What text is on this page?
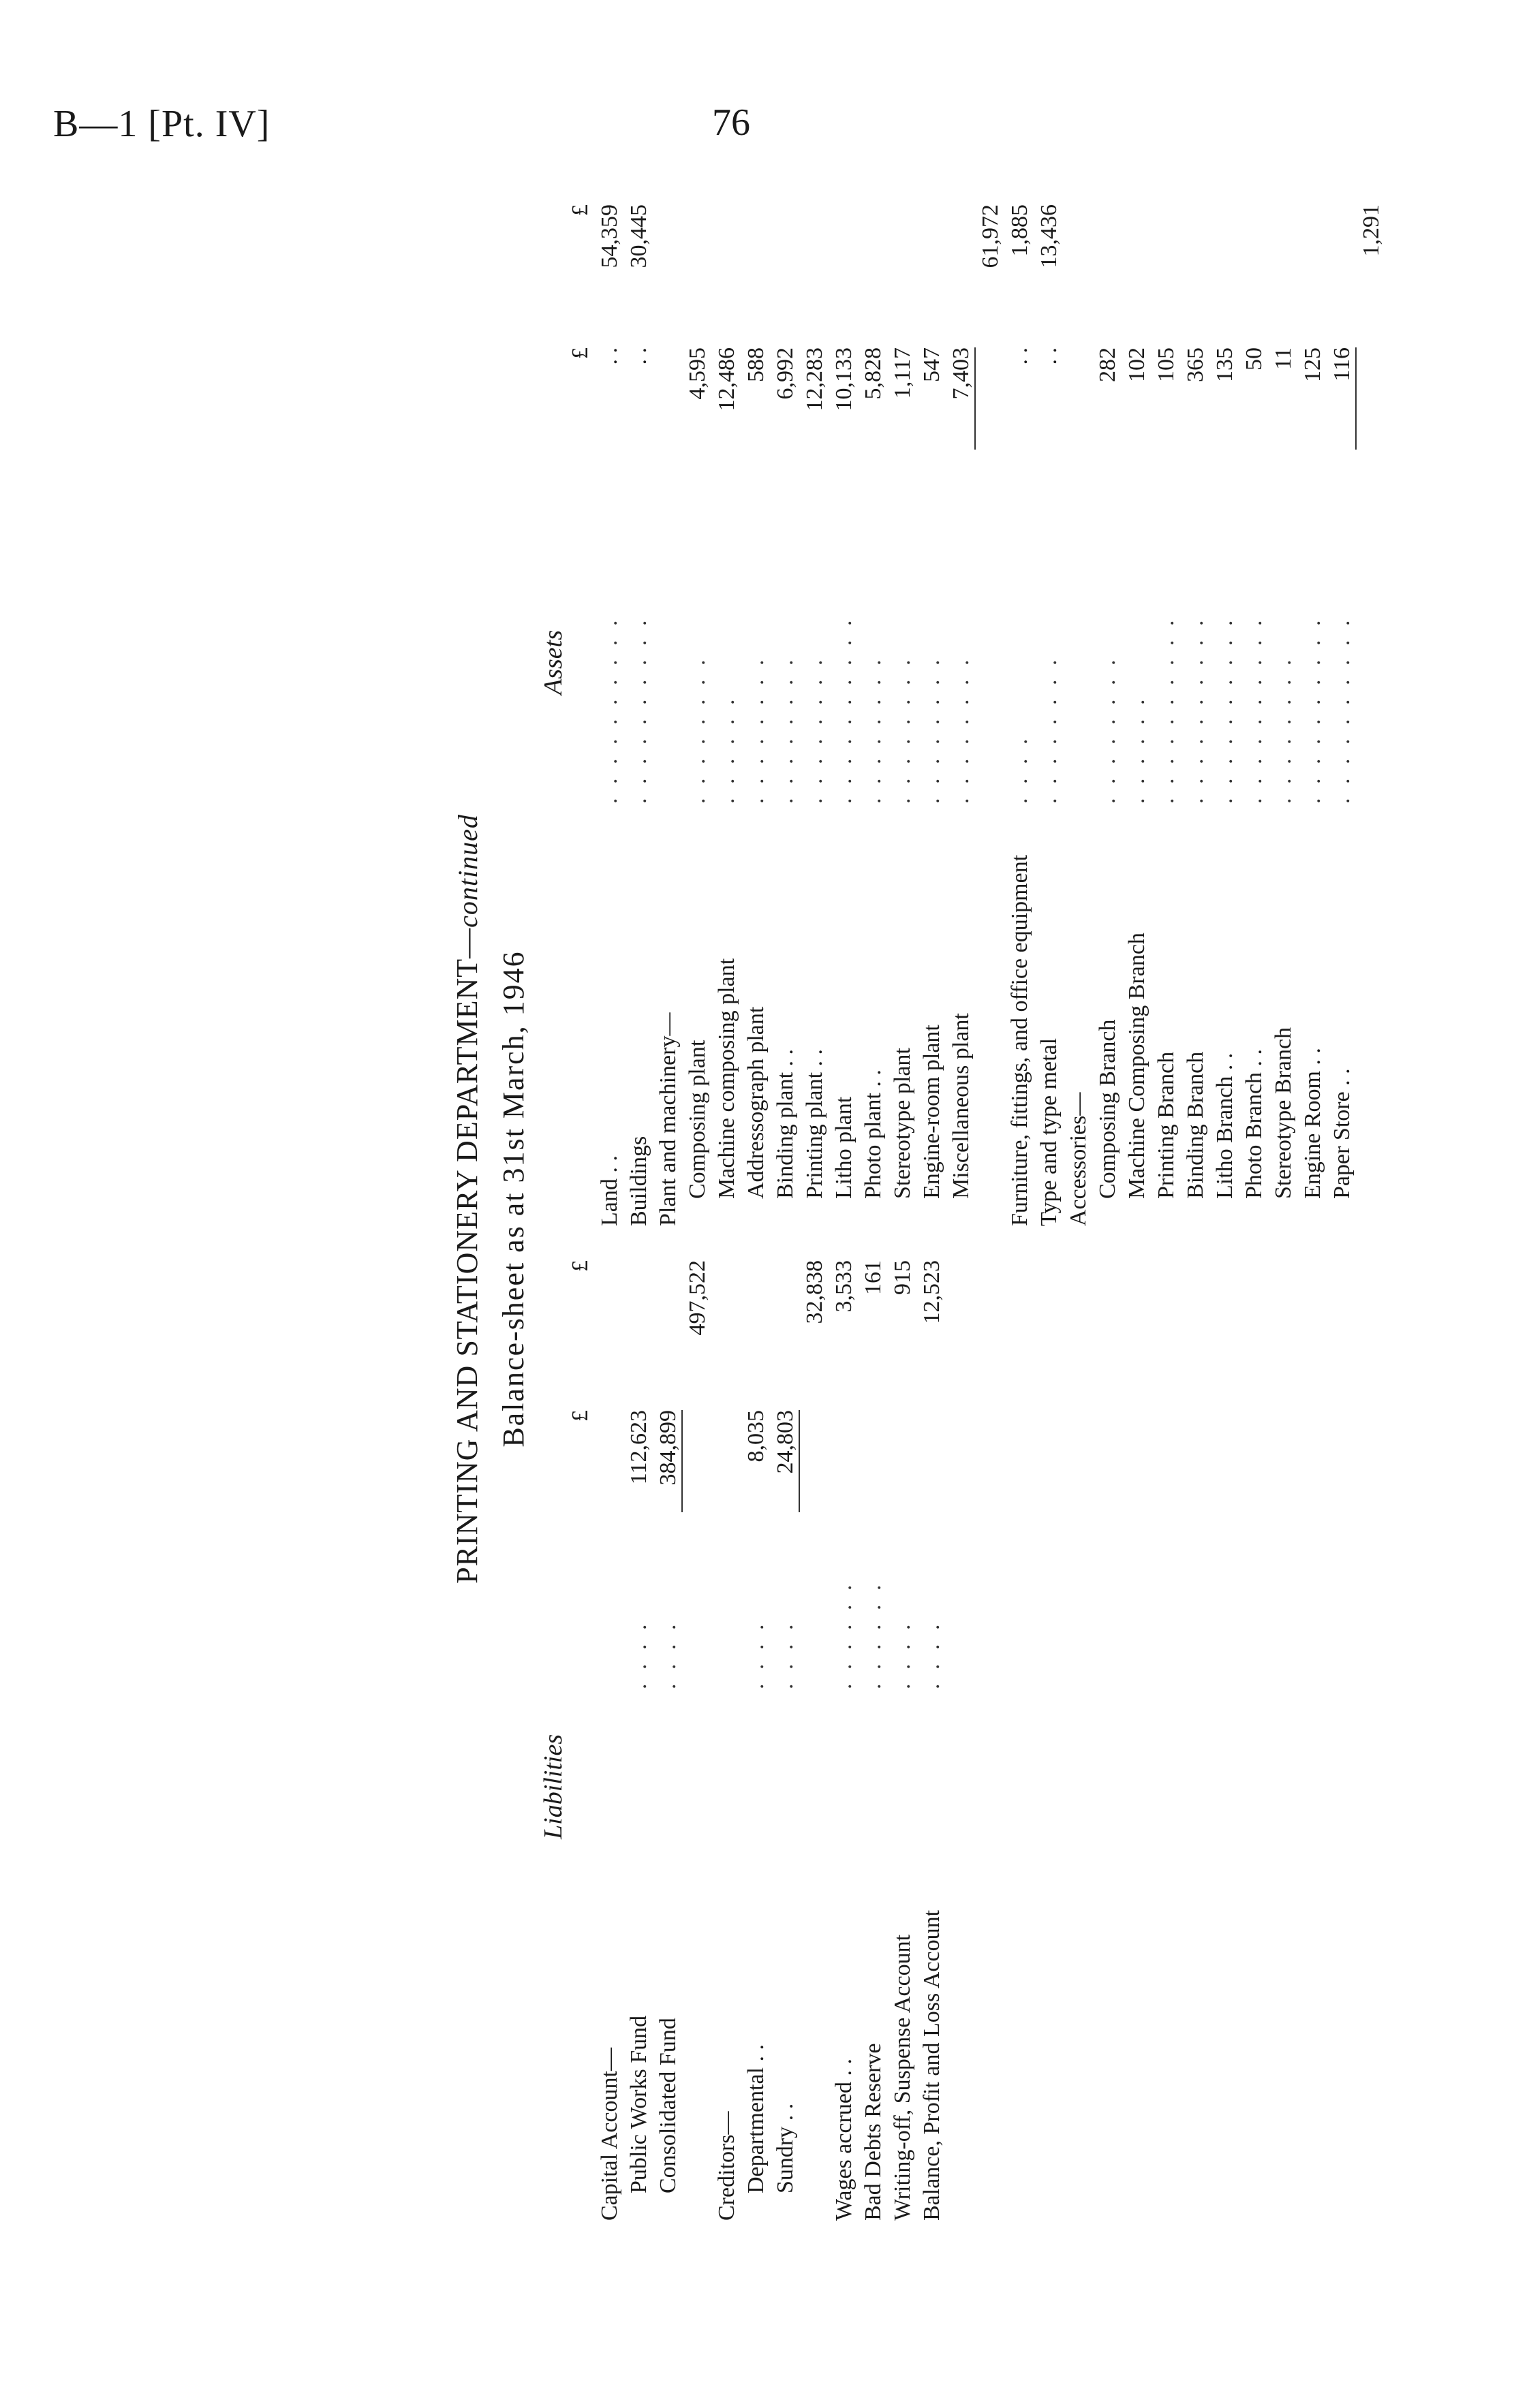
B—1 [Pt. IV]	76
PRINTING AND STATIONERY DEPARTMENT—continued
Balance-sheet as at 31st March, 1946
Liabilities
Assets
£
£
Capital Account— Public Works Fund
. . . .
112,623
Consolidated Fund
. . . .
384,899
497,522
Creditors— Departmental . .
. . . .
8,035
Sundry . .
. . . .
24,803
32,838
Wages accrued . .
. . . . . .
3,533
Bad Debts Reserve
. . . . . .
161
Writing-off, Suspense Account
. . . .
915
Balance, Profit and Loss Account
. . . .
12,523
£
£
Land . .
. . . . . . . . . .
. .
54,359
Buildings
. . . . . . . . . .
. .
30,445
Plant and machinery— Composing plant
. . . . . . . .
4,595
Machine composing plant
. . . . . .
12,486
Addressograph plant
. . . . . . . .
588
Binding plant . .
. . . . . . . .
6,992
Printing plant . .
. . . . . . . .
12,283
Litho plant
. . . . . . . . . .
10,133
Photo plant . .
. . . . . . . .
5,828
Stereotype plant
. . . . . . . .
1,117
Engine-room plant
. . . . . . . .
547
Miscellaneous plant
. . . . . . . .
7,403
61,972
Furniture, fittings, and office equipment
. . . .
. .
1,885
Type and type metal
. . . . . . . .
. .
13,436
Accessories— Composing Branch
. . . . . . . .
282
Machine Composing Branch
. . . . . .
102
Printing Branch
. . . . . . . . . .
105
Binding Branch
. . . . . . . . . .
365
Litho Branch . .
. . . . . . . . . .
135
Photo Branch . .
. . . . . . . . . .
50
Stereotype Branch
. . . . . . . .
11
Engine Room . .
. . . . . . . . . .
125
Paper Store . .
. . . . . . . . . .
116
1,291
